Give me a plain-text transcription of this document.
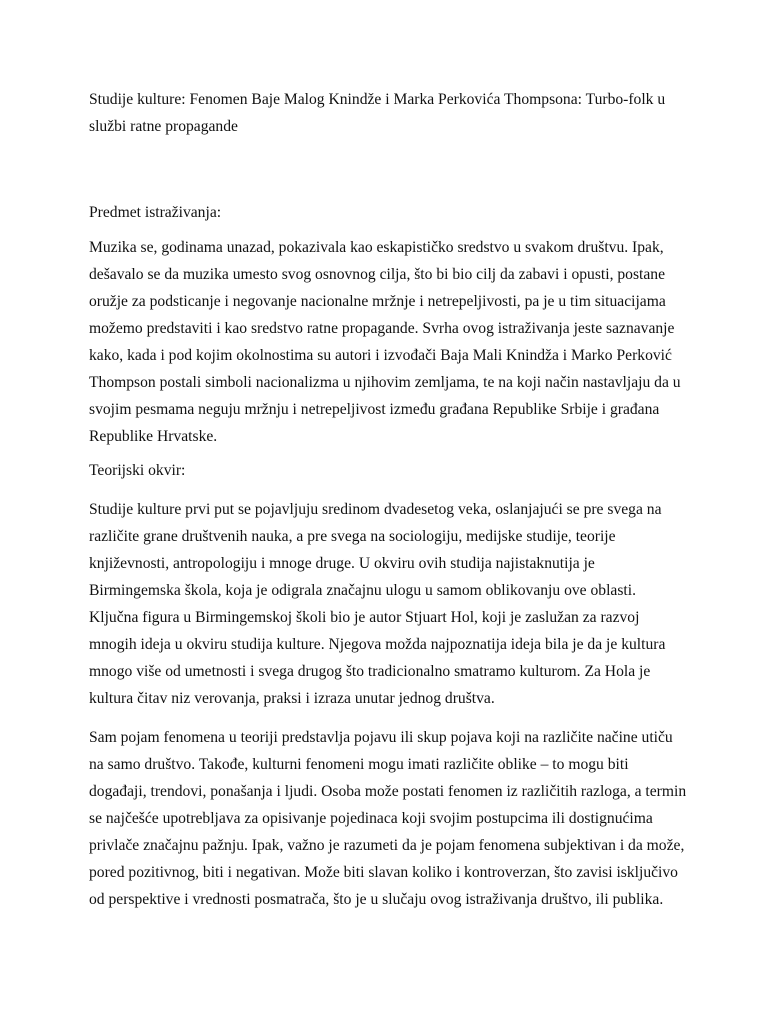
Studije kulture: Fenomen Baje Malog Knindže i Marka Perkovića Thompsona: Turbo-folk u službi ratne propagande
Predmet istraživanja:

Muzika se, godinama unazad, pokazivala kao eskapističko sredstvo u svakom društvu. Ipak, dešavalo se da muzika umesto svog osnovnog cilja, što bi bio cilj da zabavi i opusti, postane oružje za podsticanje i negovanje nacionalne mržnje i netrepeljivosti, pa je u tim situacijama možemo predstaviti i kao sredstvo ratne propagande. Svrha ovog istraživanja jeste saznavanje kako, kada i pod kojim okolnostima su autori i izvođači Baja Mali Knindža i Marko Perković Thompson postali simboli nacionalizma u njihovim zemljama, te na koji način nastavljaju da u svojim pesmama neguju mržnju i netrepeljivost između građana Republike Srbije i građana Republike Hrvatske.

Teorijski okvir:

Studije kulture prvi put se pojavljuju sredinom dvadesetog veka, oslanjajući se pre svega na različite grane društvenih nauka, a pre svega na sociologiju, medijske studije, teorije književnosti, antropologiju i mnoge druge. U okviru ovih studija najistaknutija je Birmingemska škola, koja je odigrala značajnu ulogu u samom oblikovanju ove oblasti. Ključna figura u Birmingemskoj školi bio je autor Stjuart Hol, koji je zaslužan za razvoj mnogih ideja u okviru studija kulture. Njegova možda najpoznatija ideja bila je da je kultura mnogo više od umetnosti i svega drugog što tradicionalno smatramo kulturom. Za Hola je kultura čitav niz verovanja, praksi i izraza unutar jednog društva.

Sam pojam fenomena u teoriji predstavlja pojavu ili skup pojava koji na različite načine utiču na samo društvo. Takođe, kulturni fenomeni mogu imati različite oblike – to mogu biti događaji, trendovi, ponašanja i ljudi. Osoba može postati fenomen iz različitih razloga, a termin se najčešće upotrebljava za opisivanje pojedinaca koji svojim postupcima ili dostignućima privlače značajnu pažnju. Ipak, važno je razumeti da je pojam fenomena subjektivan i da može, pored pozitivnog, biti i negativan. Može biti slavan koliko i kontroverzan, što zavisi isključivo od perspektive i vrednosti posmatrača, što je u slučaju ovog istraživanja društvo, ili publika.
